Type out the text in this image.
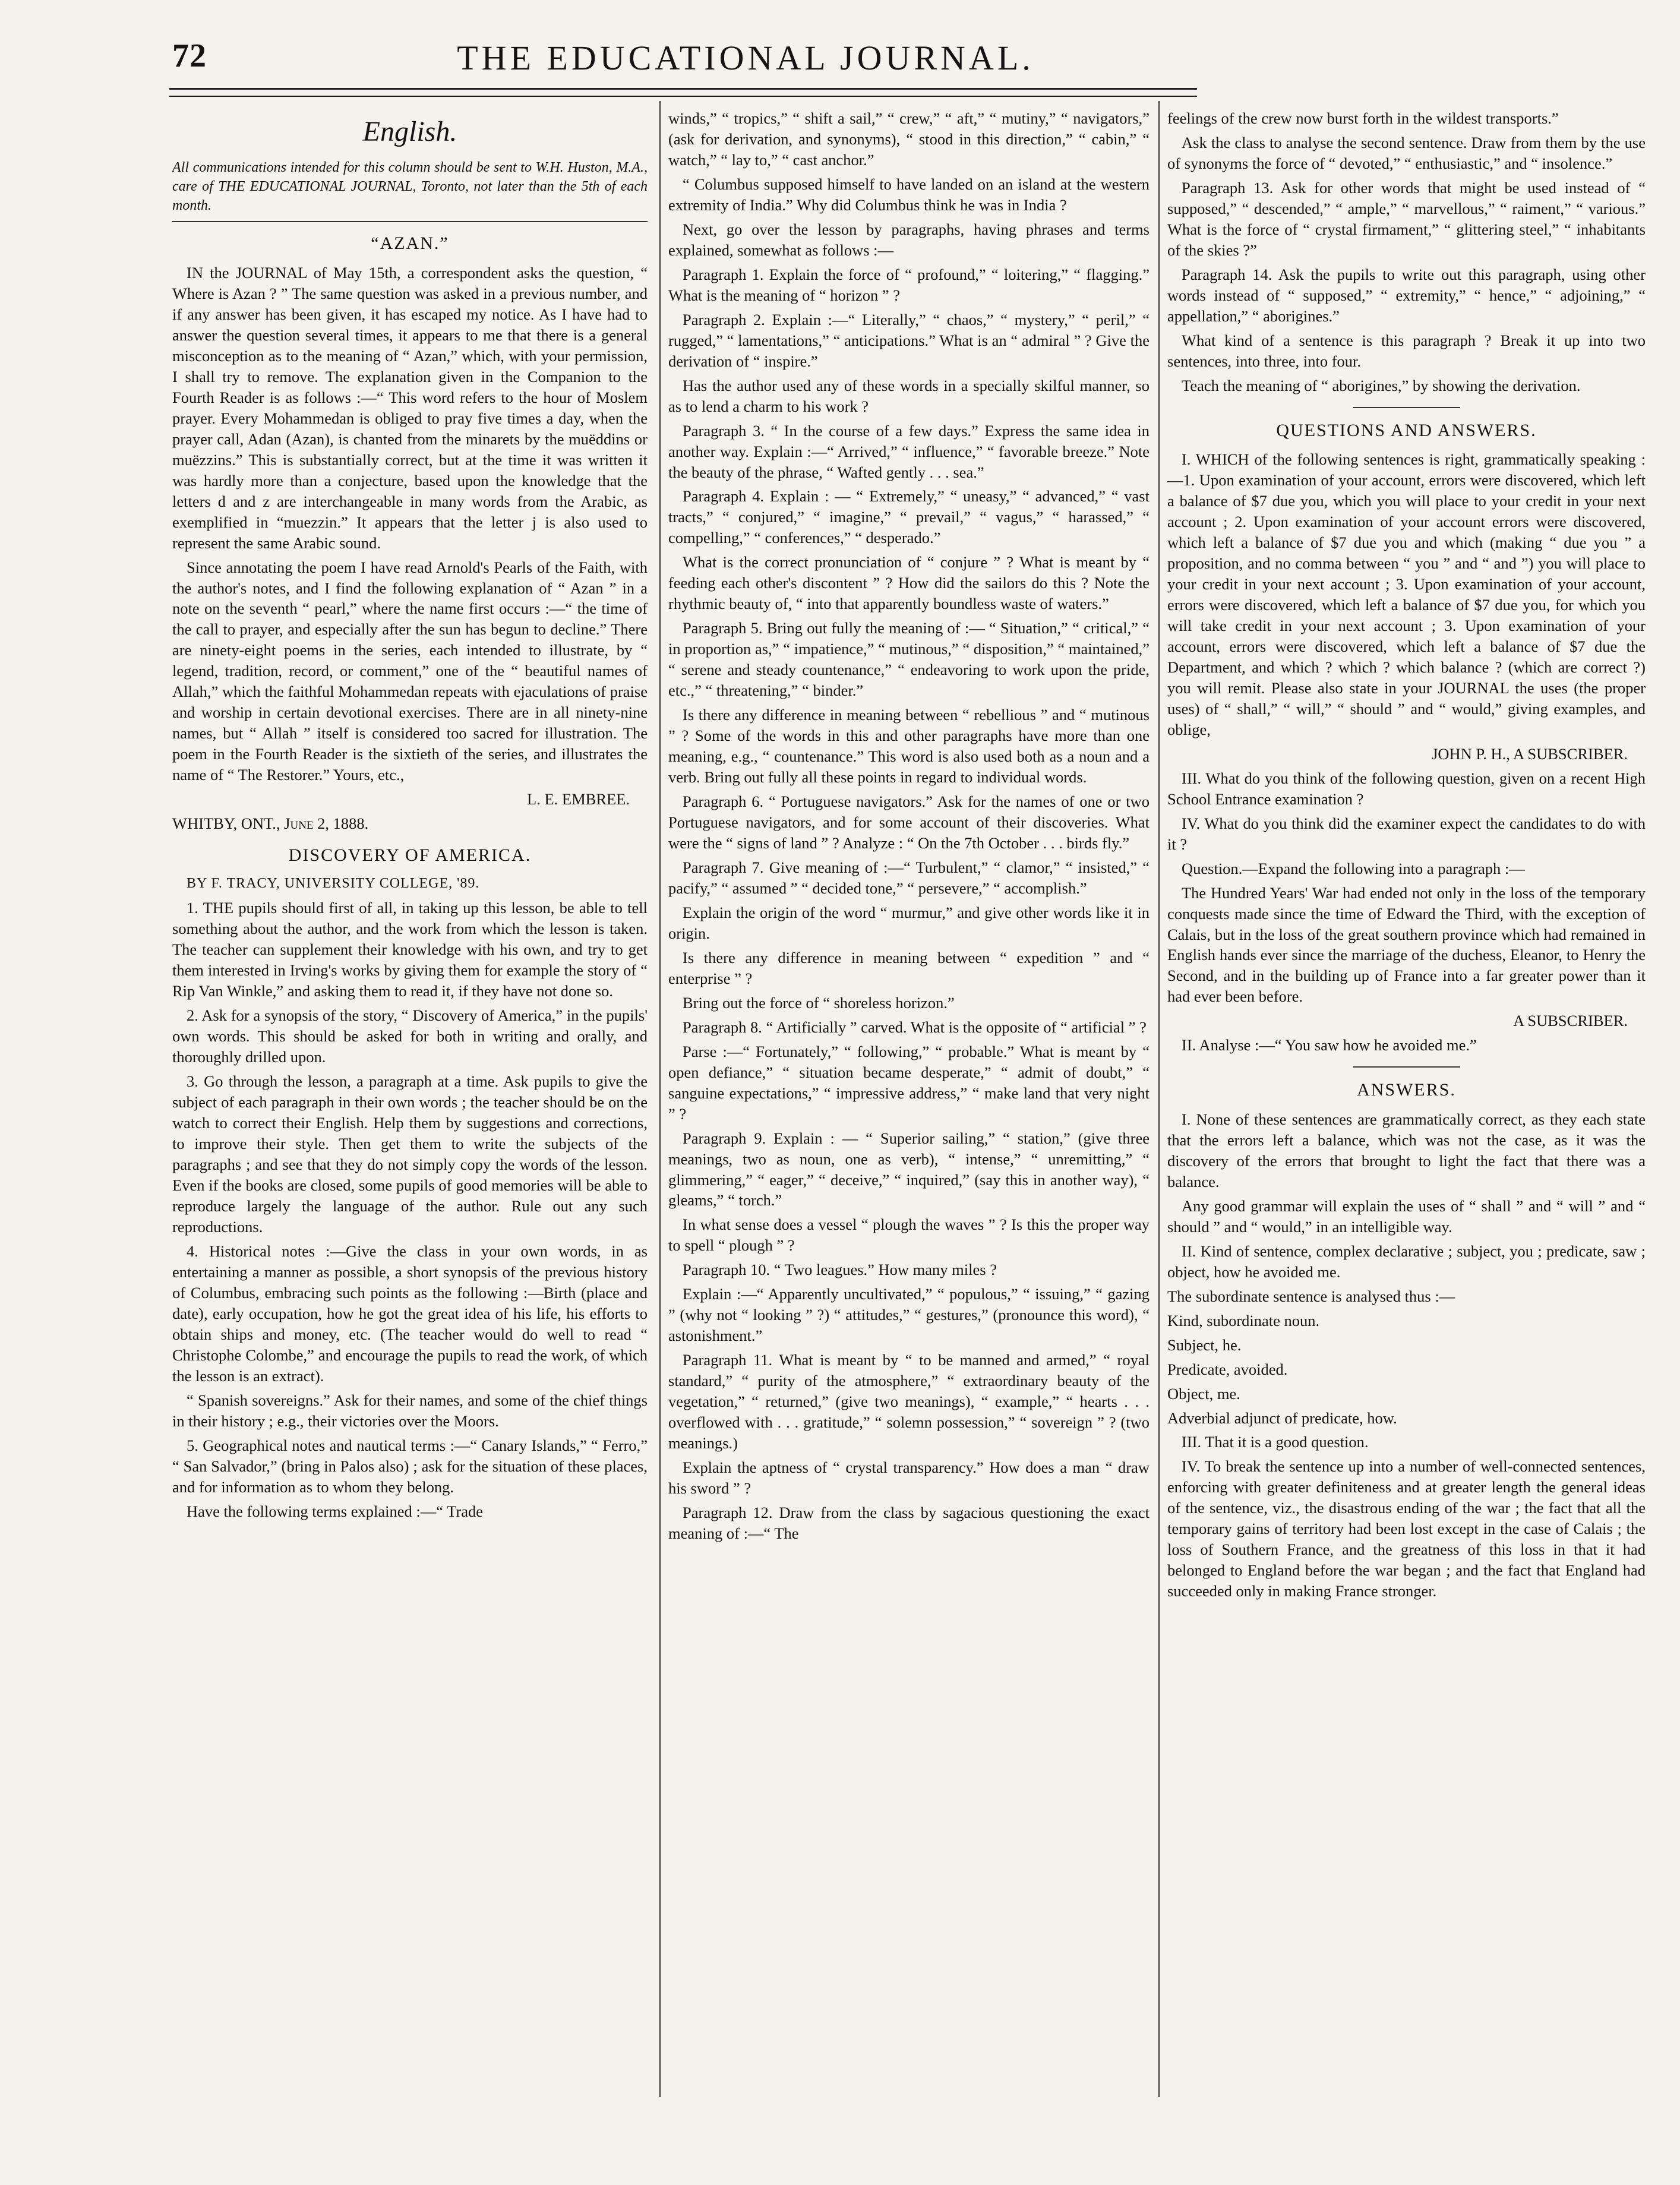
72	THE EDUCATIONAL JOURNAL.
English.
All communications intended for this column should be sent to W.H. Huston, M.A., care of THE EDUCATIONAL JOURNAL, Toronto, not later than the 5th of each month.
“AZAN.”

IN the JOURNAL of May 15th, a correspondent asks the question, “ Where is Azan ? ” The same question was asked in a previous number, and if any answer has been given, it has escaped my notice. As I have had to answer the question several times, it appears to me that there is a general misconception as to the meaning of “ Azan,” which, with your permission, I shall try to remove. The explanation given in the Companion to the Fourth Reader is as follows :—“ This word refers to the hour of Moslem prayer. Every Mohammedan is obliged to pray five times a day, when the prayer call, Adan (Azan), is chanted from the minarets by the muëddins or muëzzins.” This is substantially correct, but at the time it was written it was hardly more than a conjecture, based upon the knowledge that the letters d and z are interchangeable in many words from the Arabic, as exemplified in “muezzin.” It appears that the letter j is also used to represent the same Arabic sound.

Since annotating the poem I have read Arnold's Pearls of the Faith, with the author's notes, and I find the following explanation of “ Azan ” in a note on the seventh “ pearl,” where the name first occurs :—“ the time of the call to prayer, and especially after the sun has begun to decline.” There are ninety-eight poems in the series, each intended to illustrate, by “ legend, tradition, record, or comment,” one of the “ beautiful names of Allah,” which the faithful Mohammedan repeats with ejaculations of praise and worship in certain devotional exercises. There are in all ninety-nine names, but “ Allah ” itself is considered too sacred for illustration. The poem in the Fourth Reader is the sixtieth of the series, and illustrates the name of “ The Restorer.” Yours, etc.,

L. E. EMBREE.

WHITBY, ONT., June 2, 1888.

DISCOVERY OF AMERICA.
BY F. TRACY, UNIVERSITY COLLEGE, '89.

1. THE pupils should first of all, in taking up this lesson, be able to tell something about the author, and the work from which the lesson is taken. The teacher can supplement their knowledge with his own, and try to get them interested in Irving's works by giving them for example the story of “ Rip Van Winkle,” and asking them to read it, if they have not done so.

2. Ask for a synopsis of the story, “ Discovery of America,” in the pupils' own words. This should be asked for both in writing and orally, and thoroughly drilled upon.

3. Go through the lesson, a paragraph at a time. Ask pupils to give the subject of each paragraph in their own words ; the teacher should be on the watch to correct their English. Help them by suggestions and corrections, to improve their style. Then get them to write the subjects of the paragraphs ; and see that they do not simply copy the words of the lesson. Even if the books are closed, some pupils of good memories will be able to reproduce largely the language of the author. Rule out any such reproductions.

4. Historical notes :—Give the class in your own words, in as entertaining a manner as possible, a short synopsis of the previous history of Columbus, embracing such points as the following :—Birth (place and date), early occupation, how he got the great idea of his life, his efforts to obtain ships and money, etc. (The teacher would do well to read “ Christophe Colombe,” and encourage the pupils to read the work, of which the lesson is an extract).

“ Spanish sovereigns.” Ask for their names, and some of the chief things in their history ; e.g., their victories over the Moors.

5. Geographical notes and nautical terms :—“ Canary Islands,” “ Ferro,” “ San Salvador,” (bring in Palos also) ; ask for the situation of these places, and for information as to whom they belong.

Have the following terms explained :—“ Trade

winds,” “ tropics,” “ shift a sail,” “ crew,” “ aft,” “ mutiny,” “ navigators,” (ask for derivation, and synonyms), “ stood in this direction,” “ cabin,” “ watch,” “ lay to,” “ cast anchor.”

“ Columbus supposed himself to have landed on an island at the western extremity of India.” Why did Columbus think he was in India ?

Next, go over the lesson by paragraphs, having phrases and terms explained, somewhat as follows :—

Paragraph 1. Explain the force of “ profound,” “ loitering,” “ flagging.” What is the meaning of “ horizon ” ?

Paragraph 2. Explain :—“ Literally,” “ chaos,” “ mystery,” “ peril,” “ rugged,” “ lamentations,” “ anticipations.” What is an “ admiral ” ? Give the derivation of “ inspire.”

Has the author used any of these words in a specially skilful manner, so as to lend a charm to his work ?

Paragraph 3. “ In the course of a few days.” Express the same idea in another way. Explain :—“ Arrived,” “ influence,” “ favorable breeze.” Note the beauty of the phrase, “ Wafted gently . . . sea.”

Paragraph 4. Explain : — “ Extremely,” “ uneasy,” “ advanced,” “ vast tracts,” “ conjured,” “ imagine,” “ prevail,” “ vagus,” “ harassed,” “ compelling,” “ conferences,” “ desperado.”

What is the correct pronunciation of “ conjure ” ? What is meant by “ feeding each other's discontent ” ? How did the sailors do this ? Note the rhythmic beauty of, “ into that apparently boundless waste of waters.”

Paragraph 5. Bring out fully the meaning of :— “ Situation,” “ critical,” “ in proportion as,” “ impatience,” “ mutinous,” “ disposition,” “ maintained,” “ serene and steady countenance,” “ endeavoring to work upon the pride, etc.,” “ threatening,” “ binder.”

Is there any difference in meaning between “ rebellious ” and “ mutinous ” ? Some of the words in this and other paragraphs have more than one meaning, e.g., “ countenance.” This word is also used both as a noun and a verb. Bring out fully all these points in regard to individual words.

Paragraph 6. “ Portuguese navigators.” Ask for the names of one or two Portuguese navigators, and for some account of their discoveries. What were the “ signs of land ” ? Analyze : “ On the 7th October . . . birds fly.”

Paragraph 7. Give meaning of :—“ Turbulent,” “ clamor,” “ insisted,” “ pacify,” “ assumed ” “ decided tone,” “ persevere,” “ accomplish.”

Explain the origin of the word “ murmur,” and give other words like it in origin.

Is there any difference in meaning between “ expedition ” and “ enterprise ” ?

Bring out the force of “ shoreless horizon.”

Paragraph 8. “ Artificially ” carved. What is the opposite of “ artificial ” ?

Parse :—“ Fortunately,” “ following,” “ probable.” What is meant by “ open defiance,” “ situation became desperate,” “ admit of doubt,” “ sanguine expectations,” “ impressive address,” “ make land that very night ” ?

Paragraph 9. Explain : — “ Superior sailing,” “ station,” (give three meanings, two as noun, one as verb), “ intense,” “ unremitting,” “ glimmering,” “ eager,” “ deceive,” “ inquired,” (say this in another way), “ gleams,” “ torch.”

In what sense does a vessel “ plough the waves ” ? Is this the proper way to spell “ plough ” ?

Paragraph 10. “ Two leagues.” How many miles ?

Explain :—“ Apparently uncultivated,” “ populous,” “ issuing,” “ gazing ” (why not “ looking ” ?) “ attitudes,” “ gestures,” (pronounce this word), “ astonishment.”

Paragraph 11. What is meant by “ to be manned and armed,” “ royal standard,” “ purity of the atmosphere,” “ extraordinary beauty of the vegetation,” “ returned,” (give two meanings), “ example,” “ hearts . . . overflowed with . . . gratitude,” “ solemn possession,” “ sovereign ” ? (two meanings.)

Explain the aptness of “ crystal transparency.” How does a man “ draw his sword ” ?

Paragraph 12. Draw from the class by sagacious questioning the exact meaning of :—“ The

feelings of the crew now burst forth in the wildest transports.”

Ask the class to analyse the second sentence. Draw from them by the use of synonyms the force of “ devoted,” “ enthusiastic,” and “ insolence.”

Paragraph 13. Ask for other words that might be used instead of “ supposed,” “ descended,” “ ample,” “ marvellous,” “ raiment,” “ various.” What is the force of “ crystal firmament,” “ glittering steel,” “ inhabitants of the skies ?”

Paragraph 14. Ask the pupils to write out this paragraph, using other words instead of “ supposed,” “ extremity,” “ hence,” “ adjoining,” “ appellation,” “ aborigines.”

What kind of a sentence is this paragraph ? Break it up into two sentences, into three, into four.

Teach the meaning of “ aborigines,” by showing the derivation.

QUESTIONS AND ANSWERS.

I. WHICH of the following sentences is right, grammatically speaking :—1. Upon examination of your account, errors were discovered, which left a balance of $7 due you, which you will place to your credit in your next account ; 2. Upon examination of your account errors were discovered, which left a balance of $7 due you and which (making “ due you ” a proposition, and no comma between “ you ” and “ and ”) you will place to your credit in your next account ; 3. Upon examination of your account, errors were discovered, which left a balance of $7 due you, for which you will take credit in your next account ; 3. Upon examination of your account, errors were discovered, which left a balance of $7 due the Department, and which ? which ? which balance ? (which are correct ?) you will remit. Please also state in your JOURNAL the uses (the proper uses) of “ shall,” “ will,” “ should ” and “ would,” giving examples, and oblige,

JOHN P. H., A SUBSCRIBER.

III. What do you think of the following question, given on a recent High School Entrance examination ?

IV. What do you think did the examiner expect the candidates to do with it ?

Question.—Expand the following into a paragraph :—

The Hundred Years' War had ended not only in the loss of the temporary conquests made since the time of Edward the Third, with the exception of Calais, but in the loss of the great southern province which had remained in English hands ever since the marriage of the duchess, Eleanor, to Henry the Second, and in the building up of France into a far greater power than it had ever been before.

A SUBSCRIBER.

II. Analyse :—“ You saw how he avoided me.”

ANSWERS.

I. None of these sentences are grammatically correct, as they each state that the errors left a balance, which was not the case, as it was the discovery of the errors that brought to light the fact that there was a balance.

Any good grammar will explain the uses of “ shall ” and “ will ” and “ should ” and “ would,” in an intelligible way.

II. Kind of sentence, complex declarative ; subject, you ; predicate, saw ; object, how he avoided me.

The subordinate sentence is analysed thus :—

Kind, subordinate noun.

Subject, he.

Predicate, avoided.

Object, me.

Adverbial adjunct of predicate, how.

III. That it is a good question.

IV. To break the sentence up into a number of well-connected sentences, enforcing with greater definiteness and at greater length the general ideas of the sentence, viz., the disastrous ending of the war ; the fact that all the temporary gains of territory had been lost except in the case of Calais ; the loss of Southern France, and the greatness of this loss in that it had belonged to England before the war began ; and the fact that England had succeeded only in making France stronger.
